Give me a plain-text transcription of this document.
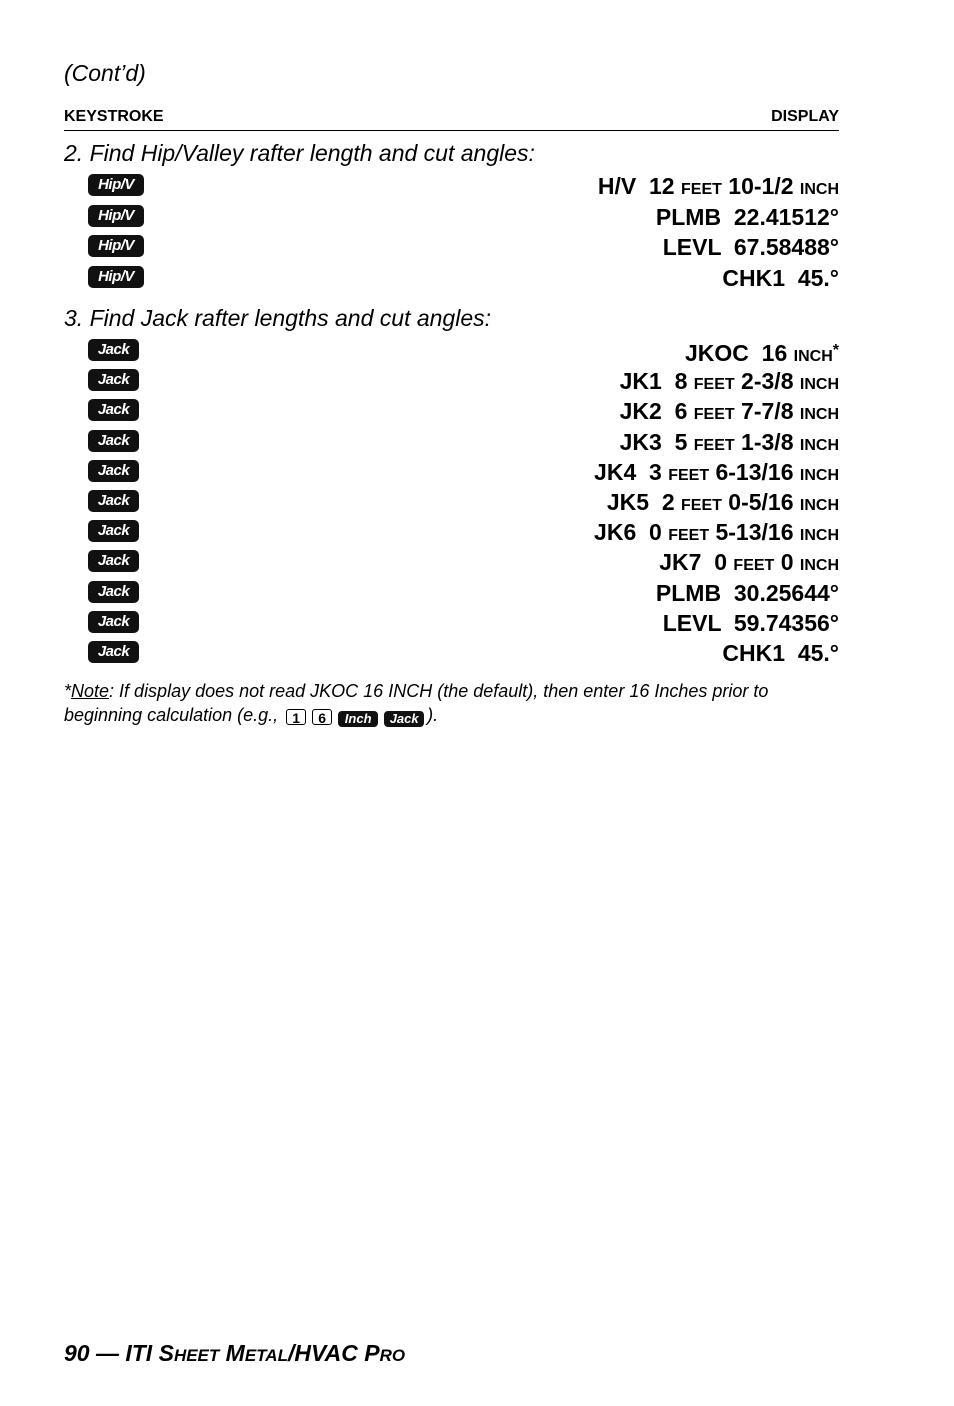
(Cont’d)
KEYSTROKE	DISPLAY
2. Find Hip/Valley rafter length and cut angles:
Hip/V	H/V  12 FEET 10-1/2 INCH
Hip/V	PLMB  22.41512°
Hip/V	LEVL  67.58488°
Hip/V	CHK1  45.°
3. Find Jack rafter lengths and cut angles:
Jack	JKOC  16 INCH*
Jack	JK1  8 FEET 2-3/8 INCH
Jack	JK2  6 FEET 7-7/8 INCH
Jack	JK3  5 FEET 1-3/8 INCH
Jack	JK4  3 FEET 6-13/16 INCH
Jack	JK5  2 FEET 0-5/16 INCH
Jack	JK6  0 FEET 5-13/16 INCH
Jack	JK7  0 FEET 0 INCH
Jack	PLMB  30.25644°
Jack	LEVL  59.74356°
Jack	CHK1  45.°
*Note: If display does not read JKOC 16 INCH (the default), then enter 16 Inches prior to beginning calculation (e.g., 1 6 Inch Jack ).
90 — ITI SHEET METAL/HVAC PRO
